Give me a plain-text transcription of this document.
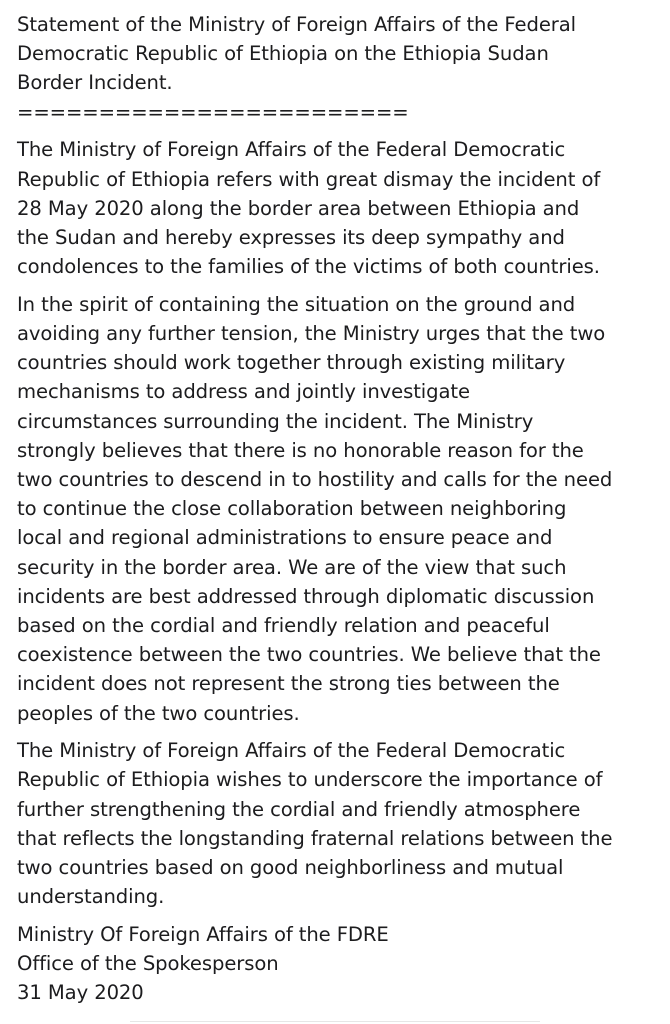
Statement of the Ministry of Foreign Affairs of the Federal
Democratic Republic of Ethiopia on the Ethiopia Sudan
Border Incident.
========================
The Ministry of Foreign Affairs of the Federal Democratic
Republic of Ethiopia refers with great dismay the incident of
28 May 2020 along the border area between Ethiopia and
the Sudan and hereby expresses its deep sympathy and
condolences to the families of the victims of both countries.
In the spirit of containing the situation on the ground and
avoiding any further tension, the Ministry urges that the two
countries should work together through existing military
mechanisms to address and jointly investigate
circumstances surrounding the incident. The Ministry
strongly believes that there is no honorable reason for the
two countries to descend in to hostility and calls for the need
to continue the close collaboration between neighboring
local and regional administrations to ensure peace and
security in the border area. We are of the view that such
incidents are best addressed through diplomatic discussion
based on the cordial and friendly relation and peaceful
coexistence between the two countries. We believe that the
incident does not represent the strong ties between the
peoples of the two countries.
The Ministry of Foreign Affairs of the Federal Democratic
Republic of Ethiopia wishes to underscore the importance of
further strengthening the cordial and friendly atmosphere
that reflects the longstanding fraternal relations between the
two countries based on good neighborliness and mutual
understanding.
Ministry Of Foreign Affairs of the FDRE
Office of the Spokesperson
31 May 2020
